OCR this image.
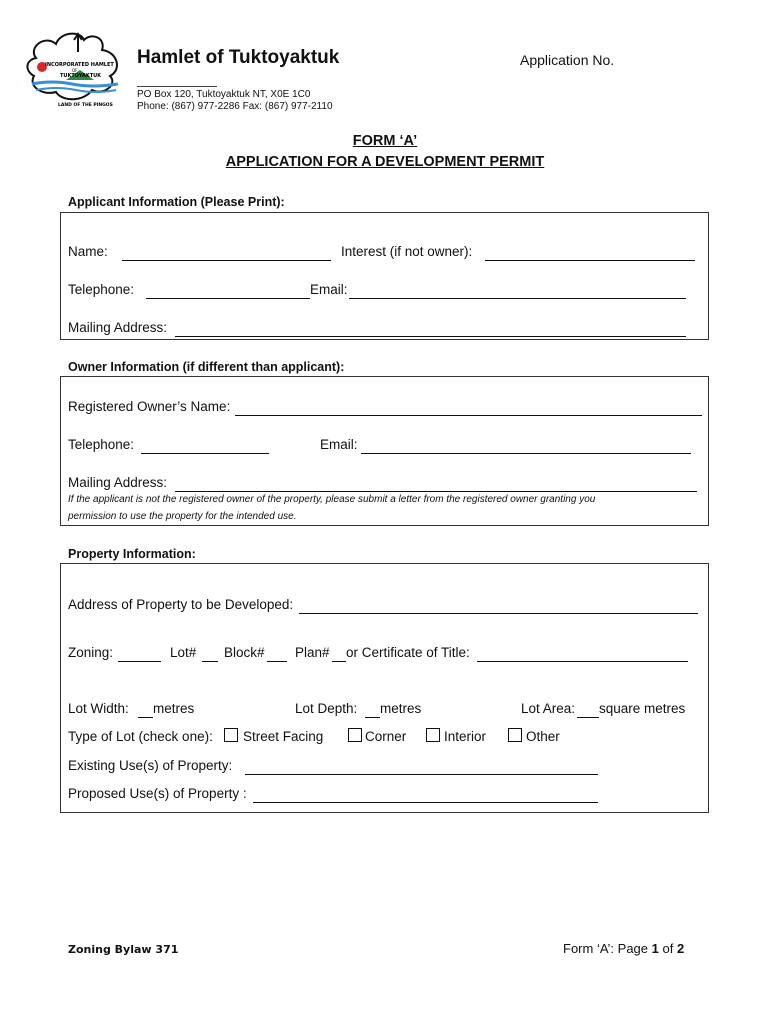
INCORPORATED HAMLET
OF
TUKTOYAKTUK
LAND OF THE PINGOS
Hamlet of Tuktoyaktuk	Application No.
PO Box 120, Tuktoyaktuk NT, X0E 1C0
Phone: (867) 977-2286 Fax: (867) 977-2110
FORM ‘A’
APPLICATION FOR A DEVELOPMENT PERMIT
Applicant Information (Please Print):
Name:	Interest (if not owner):
Telephone:	Email:
Mailing Address:
Owner Information (if different than applicant):
Registered Owner’s Name:
Telephone:	Email:
Mailing Address:
If the applicant is not the registered owner of the property, please submit a letter from the registered owner granting you
permission to use the property for the intended use.
Property Information:
Address of Property to be Developed:
Zoning:	Lot# Block# Plan# or Certificate of Title:
Lot Width: metres	Lot Depth: metres	Lot Area: square metres
Type of Lot (check one): Street Facing	Corner	Interior	Other
Existing Use(s) of Property:
Proposed Use(s) of Property :
Zoning Bylaw 371	Form ‘A’: Page 1 of 2
